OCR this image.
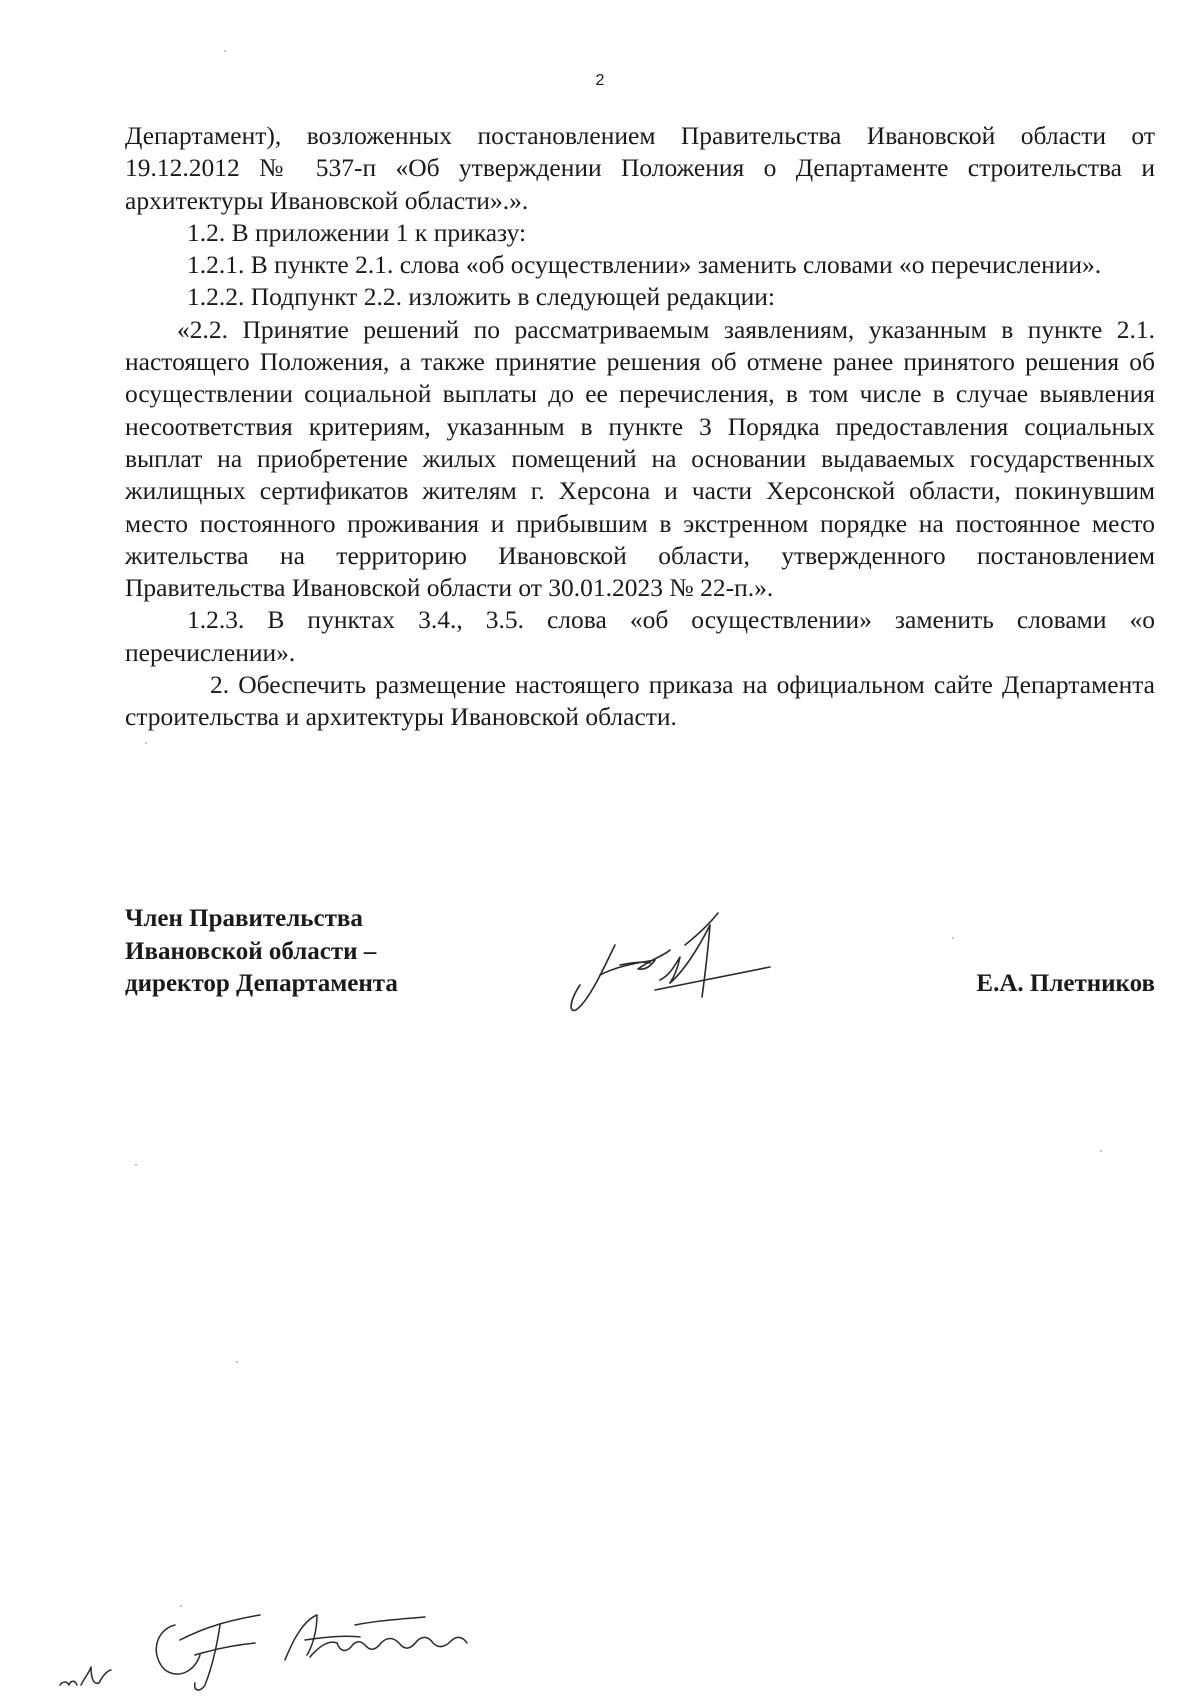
2

Департамент), возложенных постановлением Правительства Ивановской области от 19.12.2012 № 537-п «Об утверждении Положения о Департаменте строительства и архитектуры Ивановской области».».

1.2. В приложении 1 к приказу:

1.2.1. В пункте 2.1. слова «об осуществлении» заменить словами «о перечислении».

1.2.2. Подпункт 2.2. изложить в следующей редакции:

«2.2. Принятие решений по рассматриваемым заявлениям, указанным в пункте 2.1. настоящего Положения, а также принятие решения об отмене ранее принятого решения об осуществлении социальной выплаты до ее перечисления, в том числе в случае выявления несоответствия критериям, указанным в пункте 3 Порядка предоставления социальных выплат на приобретение жилых помещений на основании выдаваемых государственных жилищных сертификатов жителям г. Херсона и части Херсонской области, покинувшим место постоянного проживания и прибывшим в экстренном порядке на постоянное место жительства на территорию Ивановской области, утвержденного постановлением Правительства Ивановской области от 30.01.2023 № 22-п.».

1.2.3. В пунктах 3.4., 3.5. слова «об осуществлении» заменить словами «о перечислении».

2. Обеспечить размещение настоящего приказа на официальном сайте Департамента строительства и архитектуры Ивановской области.

Член Правительства
Ивановской области –
директор Департамента	Е.А. Плетников
